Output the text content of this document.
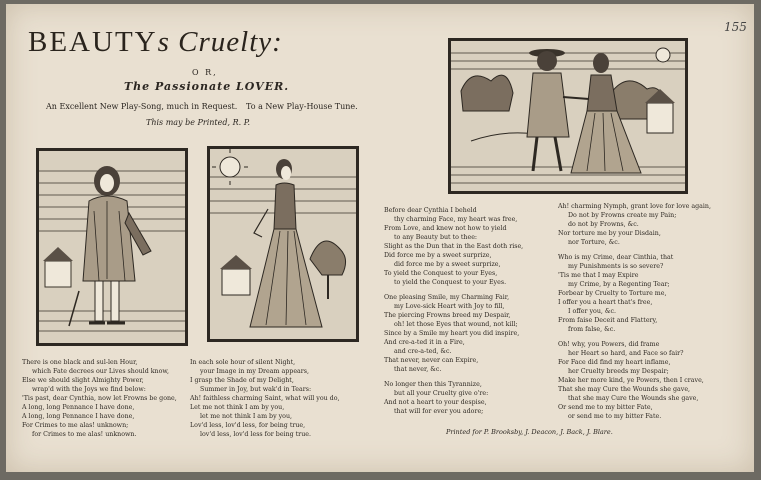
155
BEAUTYs Cruelty:
O R,
The Passionate LOVER.
An Excellent New Play-Song, much in Request. To a New Play-House Tune.
This may be Printed, R. P.
There is one black and sul-len Hour,
which Fate decrees our Lives should know,
Else we should slight Almighty Power,
wrap'd with the Joys we find below:
'Tis past, dear Cynthia, now let Frowns be gone,
A long, long Pennance I have done,
A long, long Pennance I have done,
For Crimes to me alas! unknown;
for Crimes to me alas! unknown.
In each sole hour of silent Night,
your Image in my Dream appears,
I grasp the Shade of my Delight,
Summer in Joy, but wak'd in Tears:
Ah! faithless charming Saint, what will you do,
Let me not think I am by you,
let me not think I am by you,
Lov'd less, lov'd less, for being true,
lov'd less, lov'd less for being true.
Before dear Cynthia I beheld
thy charming Face, my heart was free,
From Love, and knew not how to yield
to any Beauty but to thee:
Slight as the Dun that in the East doth rise,
Did force me by a sweet surprize,
did force me by a sweet surprize,
To yield the Conquest to your Eyes,
to yield the Conquest to your Eyes.
One pleasing Smile, my Charming Fair,
my Love-sick Heart with Joy to fill,
The piercing Frowns breed my Despair,
oh! let those Eyes that wound, not kill;
Since by a Smile my heart you did inspire,
And cre-a-ted it in a Fire,
and cre-a-ted, &c.
That never, never can Expire,
that never, &c.
No longer then this Tyrannize,
but all your Cruelty give o're:
And not a heart to your despise,
that will for ever you adore;
Ah! charming Nymph, grant love for love again,
Do not by Frowns create my Pain;
do not by Frowns, &c.
Nor torture me by your Disdain,
nor Torture, &c.
Who is my Crime, dear Cinthia, that
my Punishments is so severe?
'Tis me that I may Expire
my Crime, by a Regenting Tear;
Forbear by Cruelty to Torture me,
I offer you a heart that's free,
I offer you, &c.
From faise Deceit and Flattery,
from false, &c.
Oh! why, you Powers, did frame
her Heart so hard, and Face so fair?
For Face did find my heart inflame,
her Cruelty breeds my Despair;
Make her more kind, ye Powers, then I crave,
That she may Cure the Wounds she gave,
that she may Cure the Wounds she gave,
Or send me to my bitter Fate,
or send me to my bitter Fate.
Printed for P. Brooksby, J. Deacon, J. Back, J. Blare.
